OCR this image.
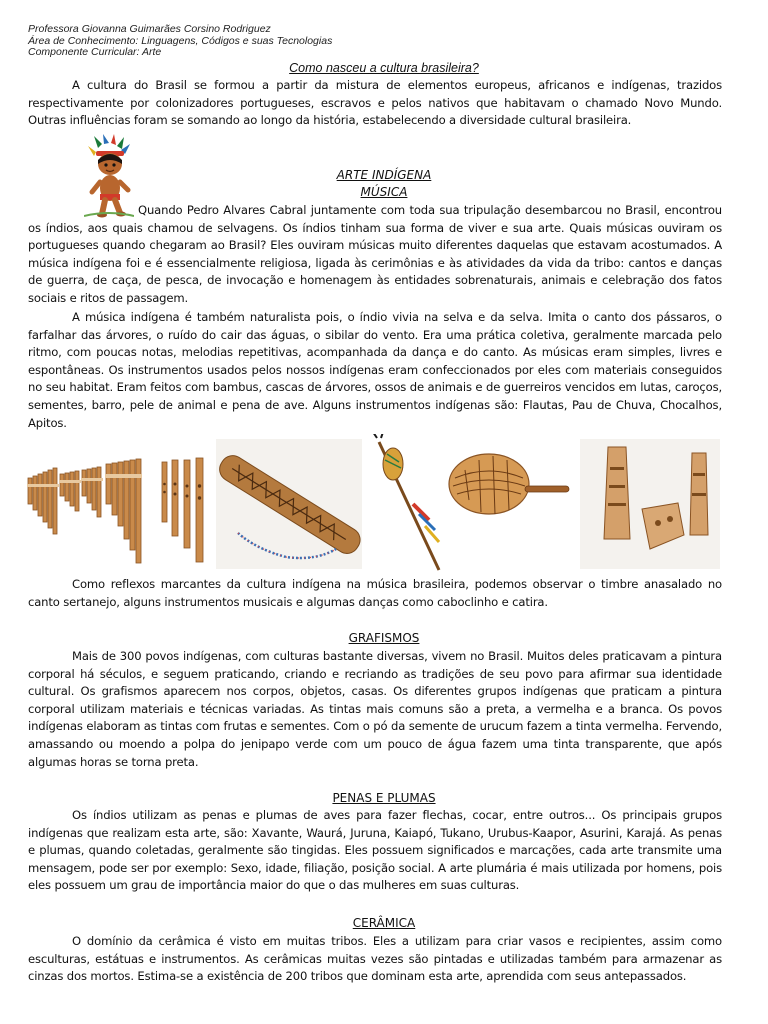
Professora Giovanna Guimarães Corsino Rodriguez
Área de Conhecimento: Linguagens, Códigos e suas Tecnologias
Componente Curricular: Arte
Como nasceu a cultura brasileira?

A cultura do Brasil se formou a partir da mistura de elementos europeus, africanos e indígenas, trazidos respectivamente por colonizadores portugueses, escravos e pelos nativos que habitavam o chamado Novo Mundo. Outras influências foram se somando ao longo da história, estabelecendo a diversidade cultural brasileira.

ARTE INDÍGENA
MÚSICA

Quando Pedro Alvares Cabral juntamente com toda sua tripulação desembarcou no Brasil, encontrou os índios, aos quais chamou de selvagens. Os índios tinham sua forma de viver e sua arte. Quais músicas ouviram os portugueses quando chegaram ao Brasil? Eles ouviram músicas muito diferentes daquelas que estavam acostumados. A música indígena foi e é essencialmente religiosa, ligada às cerimônias e às atividades da vida da tribo: cantos e danças de guerra, de caça, de pesca, de invocação e homenagem às entidades sobrenaturais, animais e celebração dos fatos sociais e ritos de passagem.

A música indígena é também naturalista pois, o índio vivia na selva e da selva. Imita o canto dos pássaros, o farfalhar das árvores, o ruído do cair das águas, o sibilar do vento. Era uma prática coletiva, geralmente marcada pelo ritmo, com poucas notas, melodias repetitivas, acompanhada da dança e do canto. As músicas eram simples, livres e espontâneas. Os instrumentos usados pelos nossos indígenas eram confeccionados por eles com materiais conseguidos no seu habitat. Eram feitos com bambus, cascas de árvores, ossos de animais e de guerreiros vencidos em lutas, caroços, sementes, barro, pele de animal e pena de ave. Alguns instrumentos indígenas são: Flautas, Pau de Chuva, Chocalhos, Apitos.

Como reflexos marcantes da cultura indígena na música brasileira, podemos observar o timbre anasalado no canto sertanejo, alguns instrumentos musicais e algumas danças como caboclinho e catira.

GRAFISMOS

Mais de 300 povos indígenas, com culturas bastante diversas, vivem no Brasil. Muitos deles praticavam a pintura corporal há séculos, e seguem praticando, criando e recriando as tradições de seu povo para afirmar sua identidade cultural. Os grafismos aparecem nos corpos, objetos, casas. Os diferentes grupos indígenas que praticam a pintura corporal utilizam materiais e técnicas variadas. As tintas mais comuns são a preta, a vermelha e a branca. Os povos indígenas elaboram as tintas com frutas e sementes. Com o pó da semente de urucum fazem a tinta vermelha. Fervendo, amassando ou moendo a polpa do jenipapo verde com um pouco de água fazem uma tinta transparente, que após algumas horas se torna preta.

PENAS E PLUMAS

Os índios utilizam as penas e plumas de aves para fazer flechas, cocar, entre outros... Os principais grupos indígenas que realizam esta arte, são: Xavante, Waurá, Juruna, Kaiapó, Tukano, Urubus-Kaapor, Asurini, Karajá. As penas e plumas, quando coletadas, geralmente são tingidas. Eles possuem significados e marcações, cada arte transmite uma mensagem, pode ser por exemplo: Sexo, idade, filiação, posição social. A arte plumária é mais utilizada por homens, pois eles possuem um grau de importância maior do que o das mulheres em suas culturas.

CERÂMICA

O domínio da cerâmica é visto em muitas tribos. Eles a utilizam para criar vasos e recipientes, assim como esculturas, estátuas e instrumentos. As cerâmicas muitas vezes são pintadas e utilizadas também para armazenar as cinzas dos mortos. Estima-se a existência de 200 tribos que dominam esta arte, aprendida com seus antepassados.
